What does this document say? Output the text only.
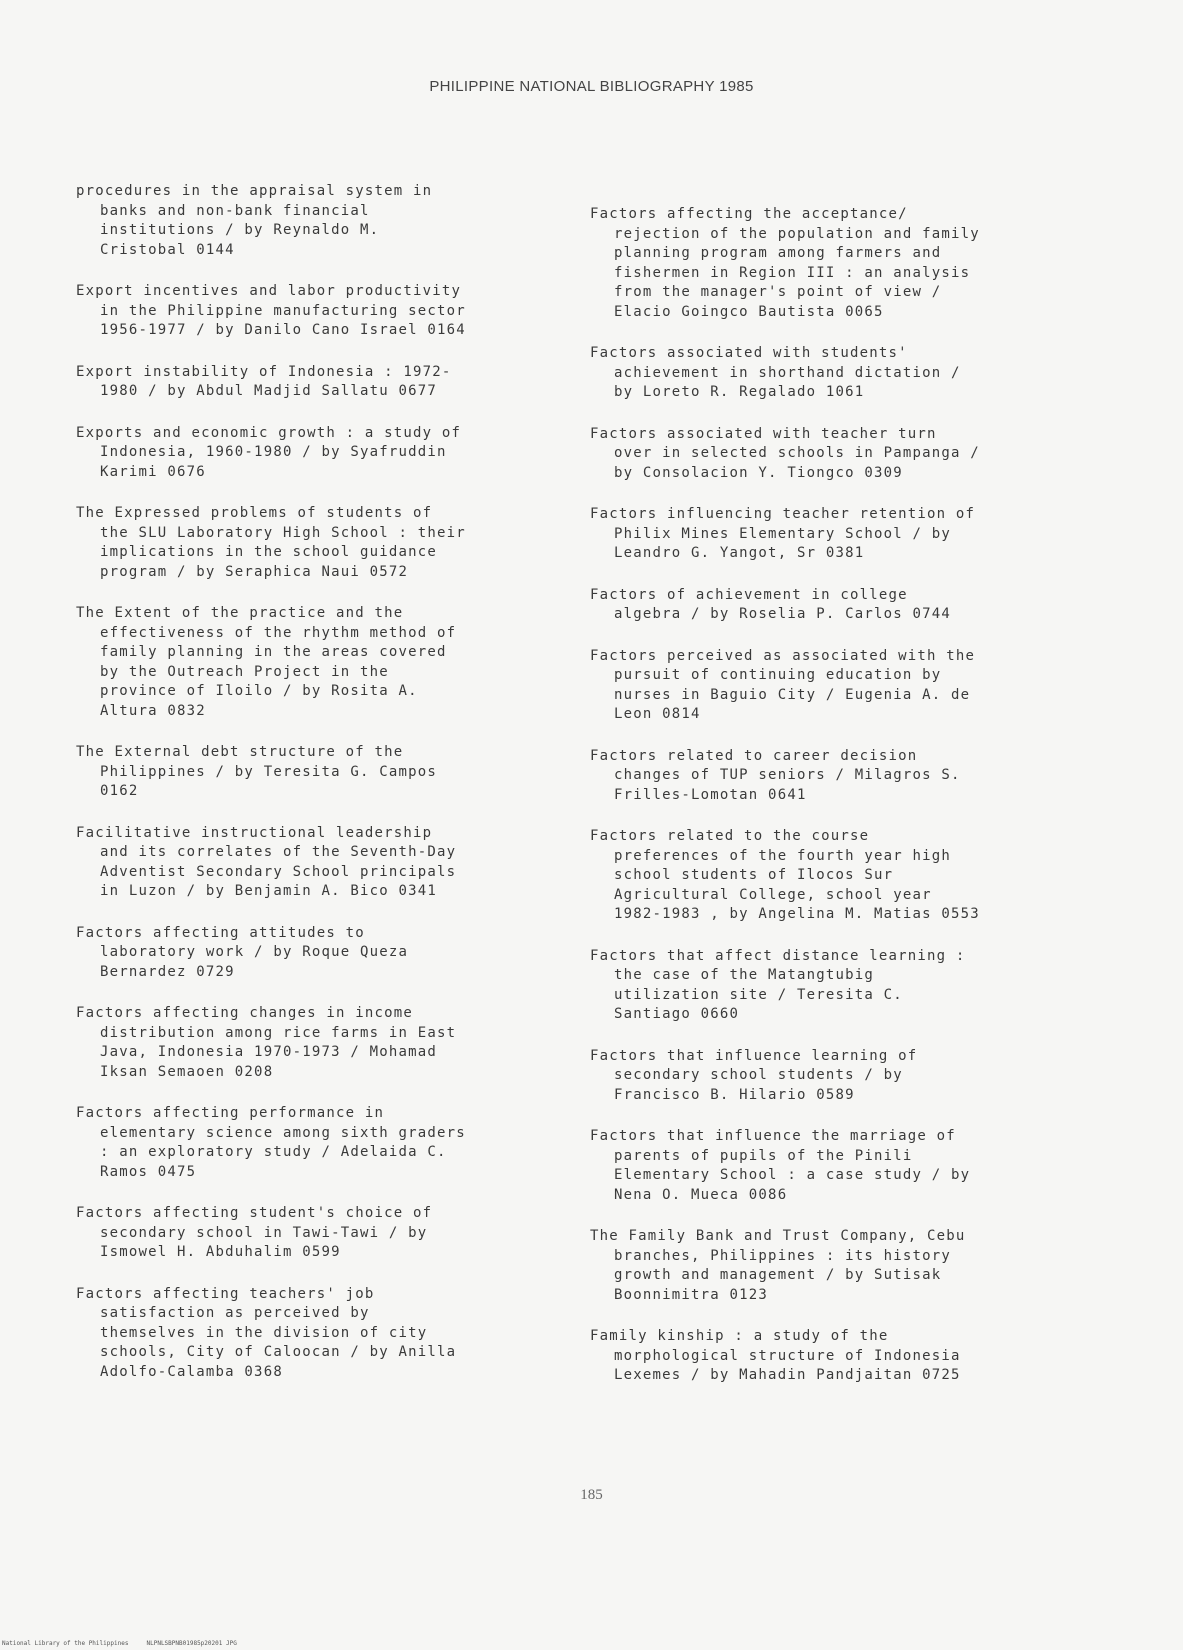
PHILIPPINE NATIONAL BIBLIOGRAPHY 1985
procedures in the appraisal system in
banks and non-bank financial
institutions / by Reynaldo M.
Cristobal 0144
Export incentives and labor productivity
in the Philippine manufacturing sector
1956-1977 / by Danilo Cano Israel 0164
Export instability of Indonesia : 1972-
1980 / by Abdul Madjid Sallatu 0677
Exports and economic growth : a study of
Indonesia, 1960-1980 / by Syafruddin
Karimi 0676
The Expressed problems of students of
the SLU Laboratory High School : their
implications in the school guidance
program / by Seraphica Naui 0572
The Extent of the practice and the
effectiveness of the rhythm method of
family planning in the areas covered
by the Outreach Project in the
province of Iloilo / by Rosita A.
Altura 0832
The External debt structure of the
Philippines / by Teresita G. Campos
0162
Facilitative instructional leadership
and its correlates of the Seventh-Day
Adventist Secondary School principals
in Luzon / by Benjamin A. Bico 0341
Factors affecting attitudes to
laboratory work / by Roque Queza
Bernardez 0729
Factors affecting changes in income
distribution among rice farms in East
Java, Indonesia 1970-1973 / Mohamad
Iksan Semaoen 0208
Factors affecting performance in
elementary science among sixth graders
: an exploratory study / Adelaida C.
Ramos 0475
Factors affecting student's choice of
secondary school in Tawi-Tawi / by
Ismowel H. Abduhalim 0599
Factors affecting teachers' job
satisfaction as perceived by
themselves in the division of city
schools, City of Caloocan / by Anilla
Adolfo-Calamba 0368
Factors affecting the acceptance/
rejection of the population and family
planning program among farmers and
fishermen in Region III : an analysis
from the manager's point of view /
Elacio Goingco Bautista 0065
Factors associated with students'
achievement in shorthand dictation /
by Loreto R. Regalado 1061
Factors associated with teacher turn
over in selected schools in Pampanga /
by Consolacion Y. Tiongco 0309
Factors influencing teacher retention of
Philix Mines Elementary School / by
Leandro G. Yangot, Sr 0381
Factors of achievement in college
algebra / by Roselia P. Carlos 0744
Factors perceived as associated with the
pursuit of continuing education by
nurses in Baguio City / Eugenia A. de
Leon 0814
Factors related to career decision
changes of TUP seniors / Milagros S.
Frilles-Lomotan 0641
Factors related to the course
preferences of the fourth year high
school students of Ilocos Sur
Agricultural College, school year
1982-1983 , by Angelina M. Matias 0553
Factors that affect distance learning :
the case of the Matangtubig
utilization site / Teresita C.
Santiago 0660
Factors that influence learning of
secondary school students / by
Francisco B. Hilario 0589
Factors that influence the marriage of
parents of pupils of the Pinili
Elementary School : a case study / by
Nena O. Mueca 0086
The Family Bank and Trust Company, Cebu
branches, Philippines : its history
growth and management / by Sutisak
Boonnimitra 0123
Family kinship : a study of the
morphological structure of Indonesia
Lexemes / by Mahadin Pandjaitan 0725
185
National Library of the Philippines     NLPNLSBPNB01985p20201 JPG
